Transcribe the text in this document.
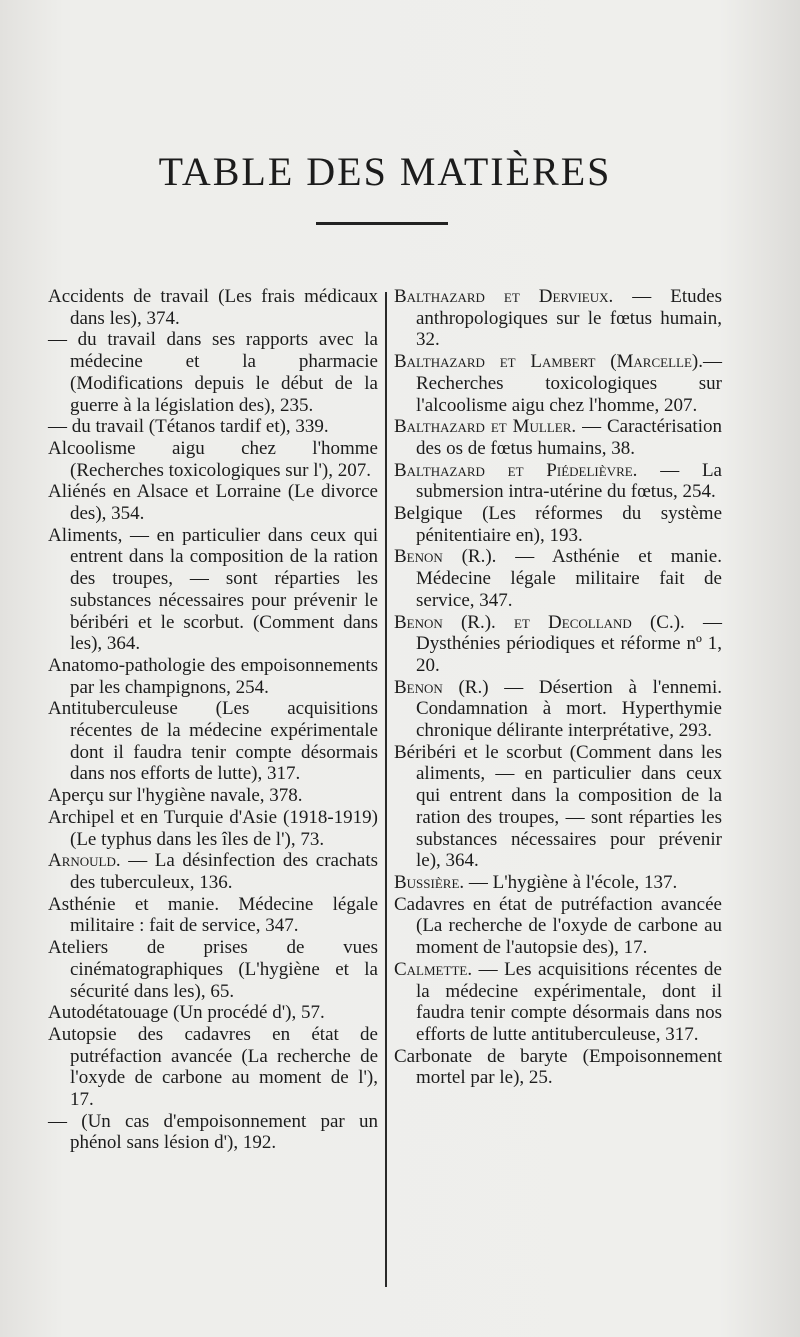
TABLE DES MATIÈRES

Accidents de travail (Les frais médicaux dans les), 374.

— du travail dans ses rapports avec la médecine et la pharmacie (Modifications depuis le début de la guerre à la législation des), 235.

— du travail (Tétanos tardif et), 339.

Alcoolisme aigu chez l'homme (Recherches toxicologiques sur l'), 207.

Aliénés en Alsace et Lorraine (Le divorce des), 354.

Aliments, — en particulier dans ceux qui entrent dans la composition de la ration des troupes, — sont réparties les substances nécessaires pour prévenir le béribéri et le scorbut. (Comment dans les), 364.

Anatomo-pathologie des empoisonnements par les champignons, 254.

Antituberculeuse (Les acquisitions récentes de la médecine expérimentale dont il faudra tenir compte désormais dans nos efforts de lutte), 317.

Aperçu sur l'hygiène navale, 378.

Archipel et en Turquie d'Asie (1918-1919) (Le typhus dans les îles de l'), 73.

Arnould. — La désinfection des crachats des tuberculeux, 136.

Asthénie et manie. Médecine légale militaire : fait de service, 347.

Ateliers de prises de vues cinématographiques (L'hygiène et la sécurité dans les), 65.

Autodétatouage (Un procédé d'), 57.

Autopsie des cadavres en état de putréfaction avancée (La recherche de l'oxyde de carbone au moment de l'), 17.

— (Un cas d'empoisonnement par un phénol sans lésion d'), 192.

Balthazard et Dervieux. — Etudes anthropologiques sur le fœtus humain, 32.

Balthazard et Lambert (Marcelle).— Recherches toxicologiques sur l'alcoolisme aigu chez l'homme, 207.

Balthazard et Muller. — Caractérisation des os de fœtus humains, 38.

Balthazard et Piédelièvre. — La submersion intra-utérine du fœtus, 254.

Belgique (Les réformes du système pénitentiaire en), 193.

Benon (R.). — Asthénie et manie. Médecine légale militaire fait de service, 347.

Benon (R.). et Decolland (C.). — Dysthénies périodiques et réforme nº 1, 20.

Benon (R.) — Désertion à l'ennemi. Condamnation à mort. Hyperthymie chronique délirante interprétative, 293.

Béribéri et le scorbut (Comment dans les aliments, — en particulier dans ceux qui entrent dans la composition de la ration des troupes, — sont réparties les substances nécessaires pour prévenir le), 364.

Bussière. — L'hygiène à l'école, 137.

Cadavres en état de putréfaction avancée (La recherche de l'oxyde de carbone au moment de l'autopsie des), 17.

Calmette. — Les acquisitions récentes de la médecine expérimentale, dont il faudra tenir compte désormais dans nos efforts de lutte antituberculeuse, 317.

Carbonate de baryte (Empoisonnement mortel par le), 25.
